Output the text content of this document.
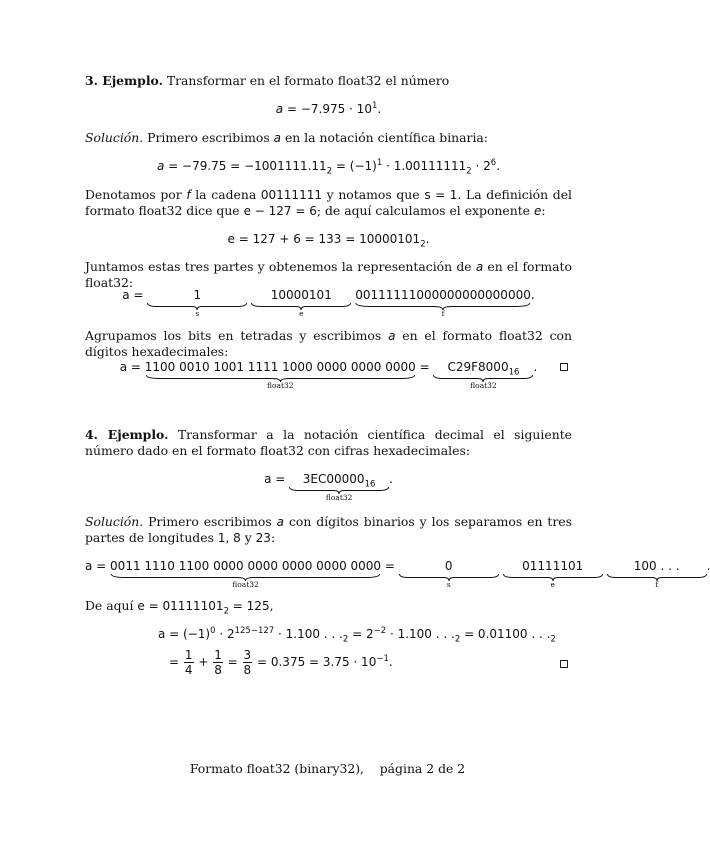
3. Ejemplo. Transformar en el formato float32 el número
$a = -7.975 \cdot 10^1$.
Solución. Primero escribimos a en la notación científica binaria:
$a = -79.75 = -1001111.11_2 = (-1)^1 \cdot 1.00111111_2 \cdot 2^6$.
Denotamos por f la cadena 00111111 y notamos que s = 1. La definición del formato float32 dice que e − 127 = 6; de aquí calculamos el exponente e:
$e = 127 + 6 = 133 = 10000101_2$.
Juntamos estas tres partes y obtenemos la representación de a en el formato float32:
a =	1
s

10000101
e

00111111000000000000000
f
.
Agrupamos los bits en tetradas y escribimos a en el formato float32 con dígitos hexadecimales:
a = 1100 0010 1001 1111 1000 0000 0000 0000
float32
=	$C29F8000_{16}$
float32
.
4. Ejemplo. Transformar a la notación científica decimal el siguiente número dado en el formato float32 con cifras hexadecimales:
a =	$3EC00000_{16}$
float32
.
Solución. Primero escribimos a con dígitos binarios y los separamos en tres partes de longitudes 1, 8 y 23:
a = 0011 1110 1100 0000 0000 0000 0000 0000
float32
=	0
s

01111101
e

100 . . .
f
De aquí $e = 01111101_2 = 125$,
$a = (-1)^0 \cdot 2^{125-127} \cdot 1.100$ . . $._2 = 2^{-2} \cdot 1.100$ . . $._2 = 0.01100$ . . $._2$
= $\frac{1}{4} + \frac{1}{8} = \frac{3}{8} = 0.375 = 3.75 \cdot 10^{-1}$.
Formato float32 (binary32),    página 2 de 2
